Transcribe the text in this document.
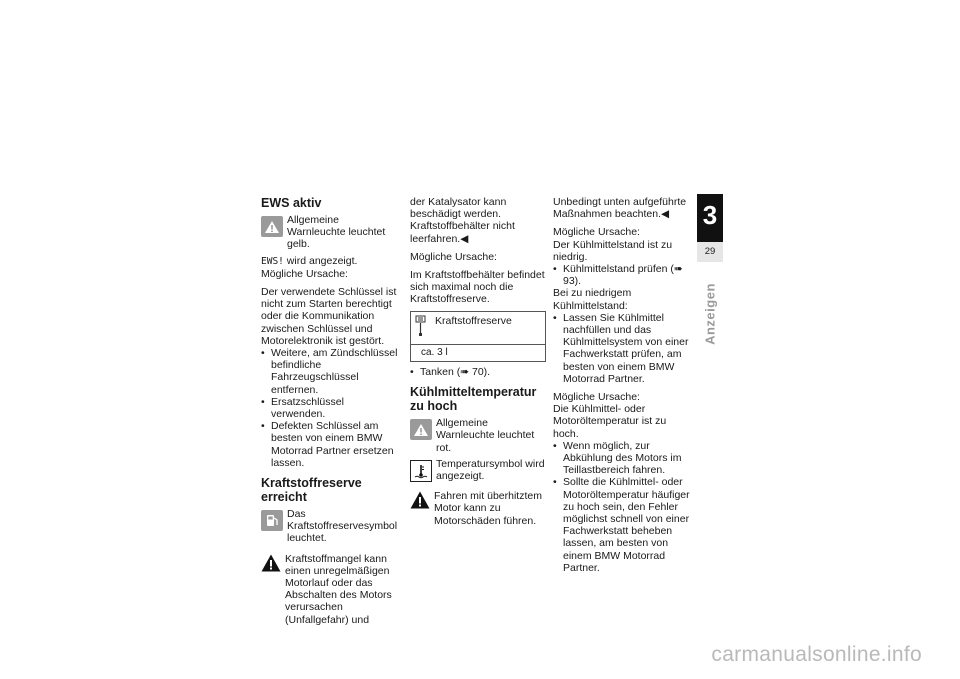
EWS aktiv
Allgemeine Warnleuchte leuchtet gelb.

EWS! wird angezeigt.

Mögliche Ursache:

Der verwendete Schlüssel ist nicht zum Starten berechtigt oder die Kommunikation zwischen Schlüssel und Motorelektronik ist gestört.

• Weitere, am Zündschlüssel befindliche Fahrzeugschlüssel entfernen.
• Ersatzschlüssel verwenden.
• Defekten Schlüssel am besten von einem BMW Motorrad Partner ersetzen lassen.
Kraftstoffreserve erreicht
Das Kraftstoffreservesymbol leuchtet.
Kraftstoffmangel kann einen unregelmäßigen Motorlauf oder das Abschalten des Motors verursachen (Unfallgefahr) und

der Katalysator kann beschädigt werden.

Kraftstoffbehälter nicht leerfahren.◀

Mögliche Ursache:

Im Kraftstoffbehälter befindet sich maximal noch die Kraftstoffreserve.

Kraftstoffreserve
ca. 3 l
• Tanken (➠ 70).
Kühlmitteltemperatur zu hoch
Allgemeine Warnleuchte leuchtet rot.
Temperatursymbol wird angezeigt.
Fahren mit überhitztem Motor kann zu Motorschäden führen.

Unbedingt unten aufgeführte Maßnahmen beachten.◀

Mögliche Ursache:

Der Kühlmittelstand ist zu niedrig.

• Kühlmittelstand prüfen (➠ 93).

Bei zu niedrigem Kühlmittelstand:

• Lassen Sie Kühlmittel nachfüllen und das Kühlmittelsystem von einer Fachwerkstatt prüfen, am besten von einem BMW Motorrad Partner.

Mögliche Ursache:

Die Kühlmittel- oder Motoröltemperatur ist zu hoch.

• Wenn möglich, zur Abkühlung des Motors im Teillastbereich fahren.
• Sollte die Kühlmittel- oder Motoröltemperatur häufiger zu hoch sein, den Fehler möglichst schnell von einer Fachwerkstatt beheben lassen, am besten von einem BMW Motorrad Partner.
3
29
Anzeigen
carmanualsonline.info
